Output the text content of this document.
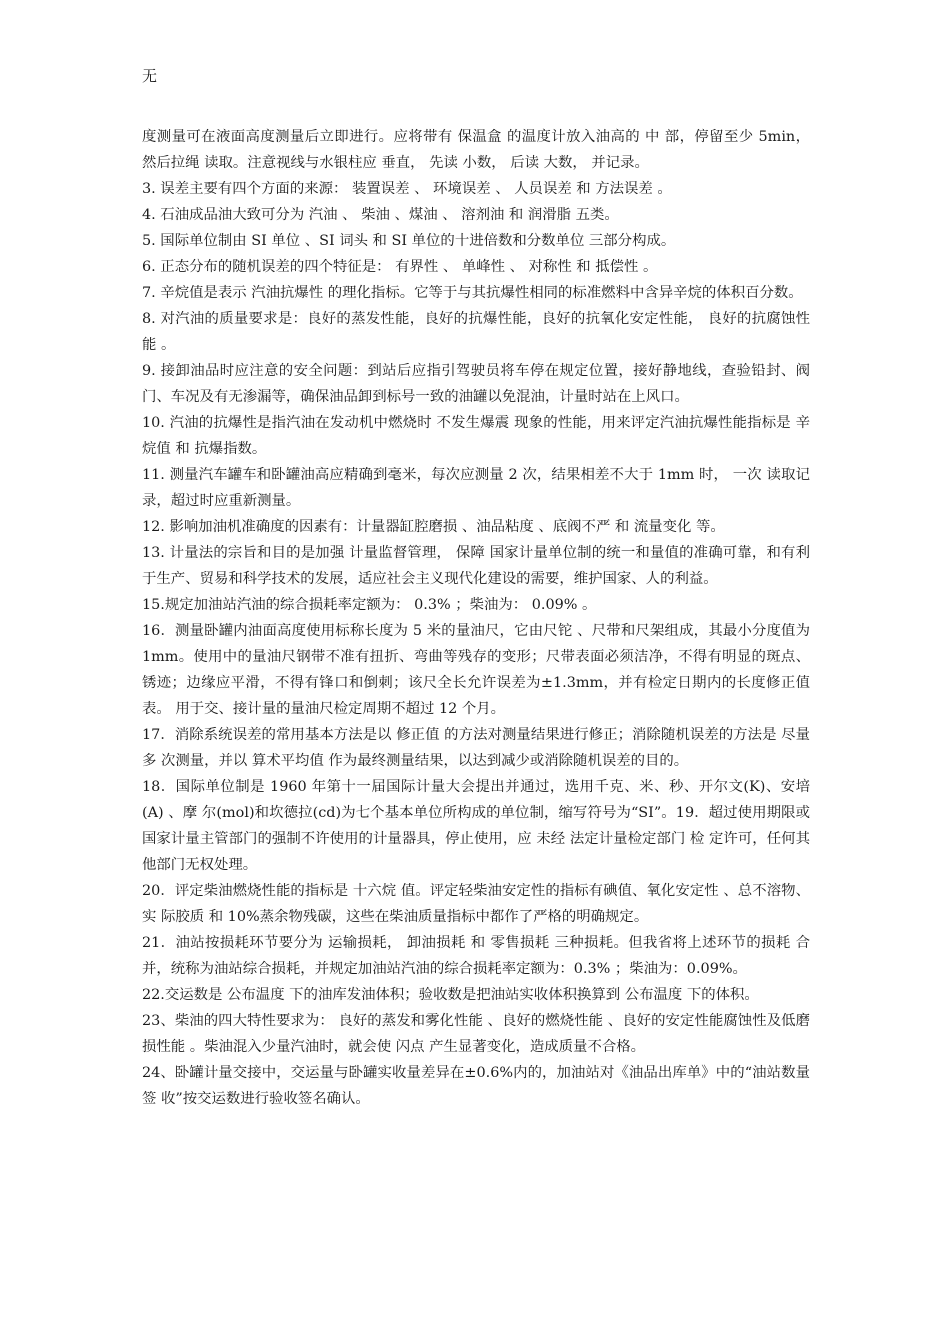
无

度测量可在液面高度测量后立即进行。应将带有 保温盒 的温度计放入油高的 中 部，停留至少 5min， 然后拉绳 读取。注意视线与水银柱应 垂直， 先读 小数， 后读 大数， 并记录。

3. 误差主要有四个方面的来源： 装置误差 、 环境误差 、 人员误差 和 方法误差 。

4. 石油成品油大致可分为 汽油 、 柴油 、煤油 、 溶剂油 和 润滑脂 五类。

5. 国际单位制由 SI 单位 、SI 词头 和 SI 单位的十进倍数和分数单位 三部分构成。

6. 正态分布的随机误差的四个特征是： 有界性 、 单峰性 、 对称性 和 抵偿性 。

7. 辛烷值是表示 汽油抗爆性 的理化指标。它等于与其抗爆性相同的标准燃料中含异辛烷的体积百分数。

8. 对汽油的质量要求是：良好的蒸发性能，良好的抗爆性能，良好的抗氧化安定性能， 良好的抗腐蚀性能 。

9. 接卸油品时应注意的安全问题：到站后应指引驾驶员将车停在规定位置，接好静地线，查验铅封、阀门、车况及有无渗漏等，确保油品卸到标号一致的油罐以免混油，计量时站在上风口。

10. 汽油的抗爆性是指汽油在发动机中燃烧时 不发生爆震 现象的性能，用来评定汽油抗爆性能指标是 辛 烷值 和 抗爆指数。

11. 测量汽车罐车和卧罐油高应精确到毫米，每次应测量 2 次，结果相差不大于 1mm 时， 一次 读取记录，超过时应重新测量。

12. 影响加油机准确度的因素有：计量器缸腔磨损 、油品粘度 、底阀不严 和 流量变化 等。

13. 计量法的宗旨和目的是加强 计量监督管理， 保障 国家计量单位制的统一和量值的准确可靠，和有利于生产、贸易和科学技术的发展，适应社会主义现代化建设的需要，维护国家、人的利益。

15.规定加油站汽油的综合损耗率定额为： 0.3% ；柴油为： 0.09% 。

16．测量卧罐内油面高度使用标称长度为 5 米的量油尺，它由尺铊 、尺带和尺架组成，其最小分度值为 1mm。使用中的量油尺钢带不准有扭折、弯曲等残存的变形；尺带表面必须洁净，不得有明显的斑点、锈迹；边缘应平滑，不得有锋口和倒刺；该尺全长允许误差为±1.3mm，并有检定日期内的长度修正值表。 用于交、接计量的量油尺检定周期不超过 12 个月。

17．消除系统误差的常用基本方法是以 修正值 的方法对测量结果进行修正；消除随机误差的方法是 尽量多 次测量，并以 算术平均值 作为最终测量结果，以达到减少或消除随机误差的目的。

18．国际单位制是 1960 年第十一届国际计量大会提出并通过，选用千克、米、秒、开尔文(K)、安培(A) 、摩 尔(mol)和坎德拉(cd)为七个基本单位所构成的单位制，缩写符号为“SI”。19．超过使用期限或国家计量主管部门的强制不许使用的计量器具，停止使用，应 未经 法定计量检定部门 检 定许可，任何其他部门无权处理。

20．评定柴油燃烧性能的指标是 十六烷 值。评定轻柴油安定性的指标有碘值、氧化安定性 、总不溶物、实 际胶质 和 10%蒸余物残碳，这些在柴油质量指标中都作了严格的明确规定。

21．油站按损耗环节要分为 运输损耗， 卸油损耗 和 零售损耗 三种损耗。但我省将上述环节的损耗 合并，统称为油站综合损耗，并规定加油站汽油的综合损耗率定额为：0.3% ；柴油为：0.09%。

22.交运数是 公布温度 下的油库发油体积；验收数是把油站实收体积换算到 公布温度 下的体积。

23、柴油的四大特性要求为： 良好的蒸发和雾化性能 、良好的燃烧性能 、良好的安定性能腐蚀性及低磨损性能 。柴油混入少量汽油时，就会使 闪点 产生显著变化，造成质量不合格。

24、卧罐计量交接中，交运量与卧罐实收量差异在±0.6%内的，加油站对《油品出库单》中的“油站数量签 收”按交运数进行验收签名确认。
